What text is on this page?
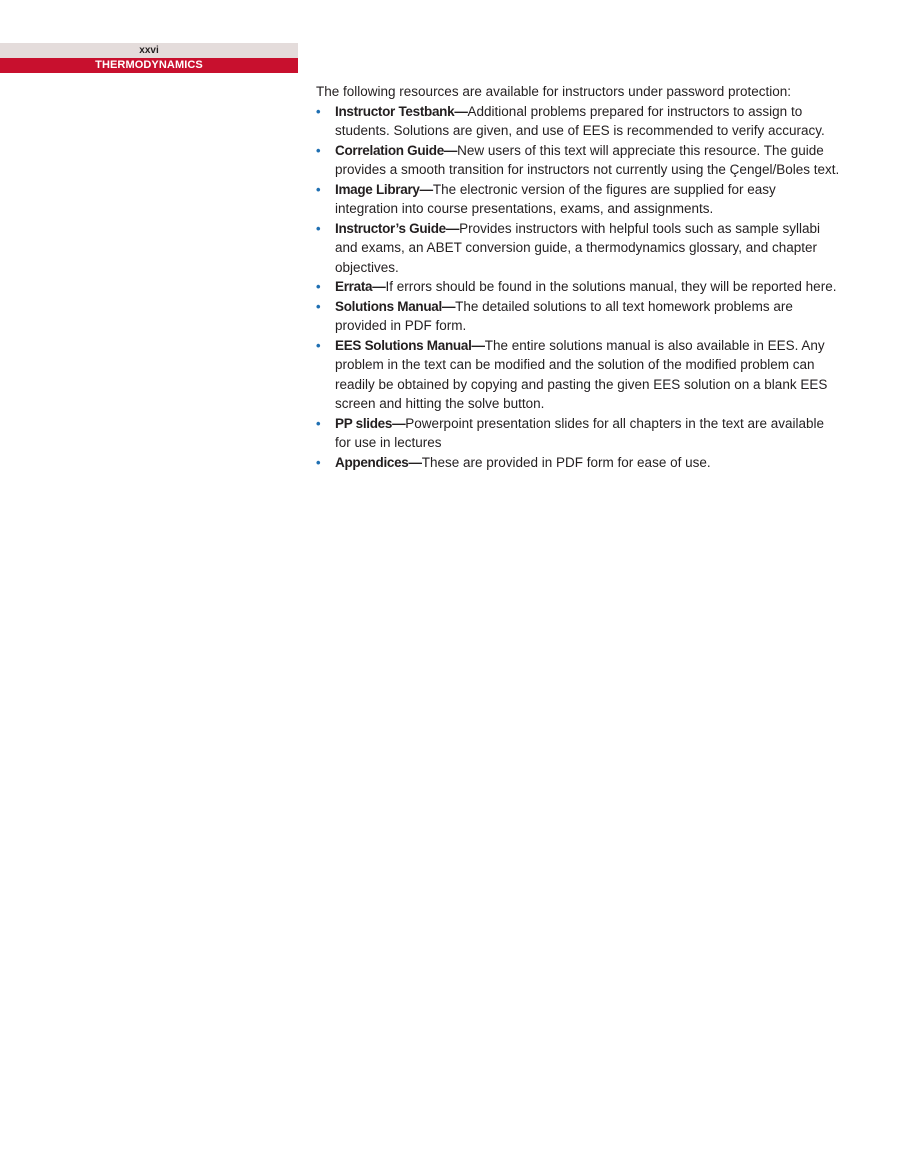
xxvi
THERMODYNAMICS

The following resources are available for instructors under password protection:

• Instructor Testbank—Additional problems prepared for instructors to assign to students. Solutions are given, and use of EES is recommended to verify accuracy.
• Correlation Guide—New users of this text will appreciate this resource. The guide provides a smooth transition for instructors not currently using the Çengel/Boles text.
• Image Library—The electronic version of the figures are supplied for easy integration into course presentations, exams, and assignments.
• Instructor’s Guide—Provides instructors with helpful tools such as sample syllabi and exams, an ABET conversion guide, a thermodynamics glossary, and chapter objectives.
• Errata—If errors should be found in the solutions manual, they will be reported here.
• Solutions Manual—The detailed solutions to all text homework problems are provided in PDF form.
• EES Solutions Manual—The entire solutions manual is also available in EES. Any problem in the text can be modified and the solution of the modified problem can readily be obtained by copying and pasting the given EES solution on a blank EES screen and hitting the solve button.
• PP slides—Powerpoint presentation slides for all chapters in the text are available for use in lectures
• Appendices—These are provided in PDF form for ease of use.
